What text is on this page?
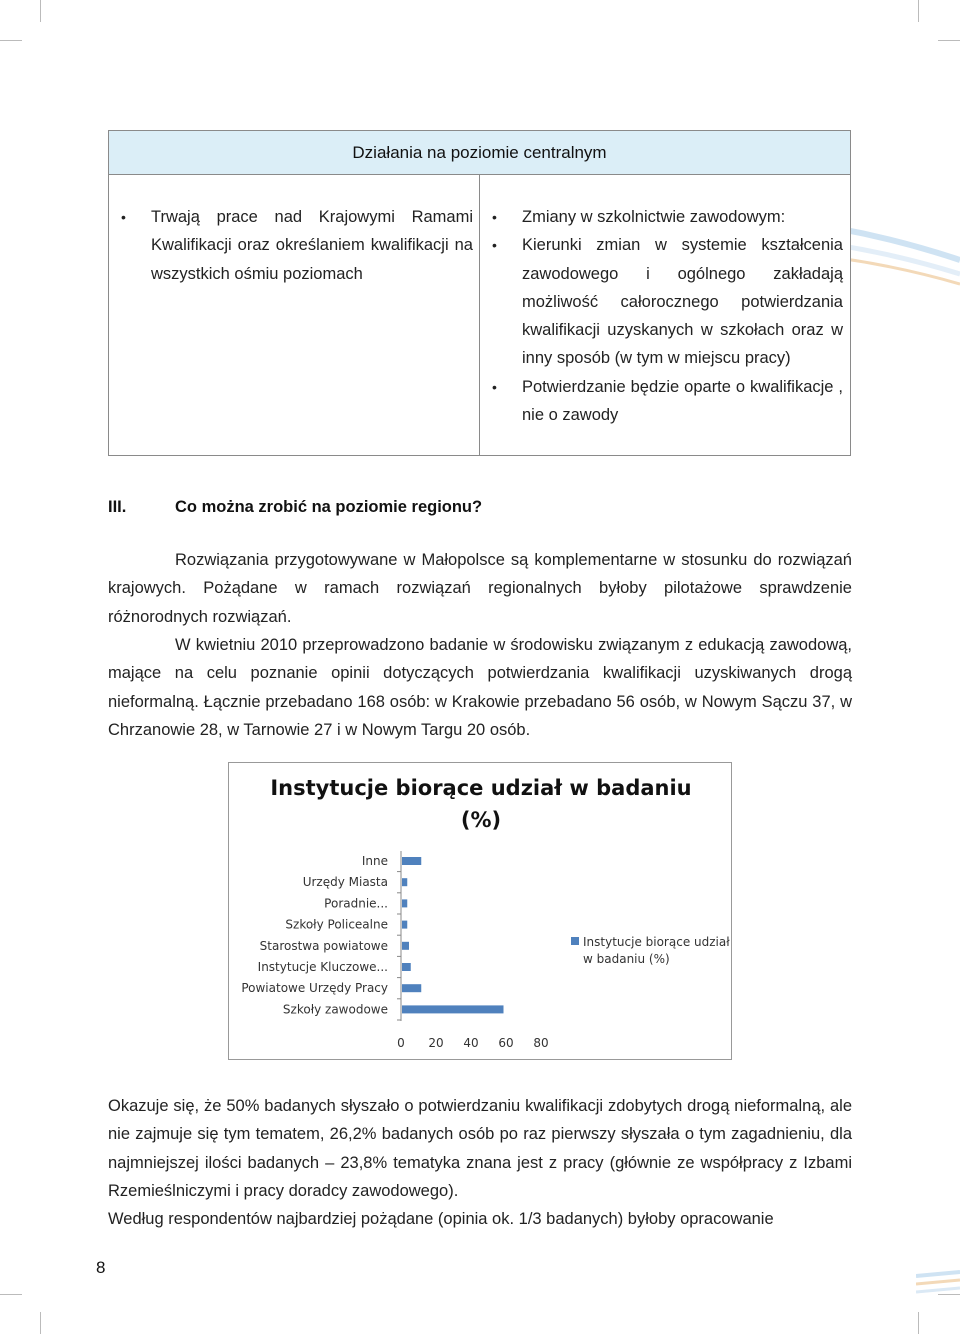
Działania na poziomie centralnym
• Trwają prace nad Krajowymi Ramami Kwalifikacji oraz określaniem kwalifikacji na wszystkich ośmiu poziomach
• Zmiany w szkolnictwie zawodowym:
• Kierunki zmian w systemie kształcenia zawodowego i ogólnego zakładają możliwość całorocznego potwierdzania kwalifikacji uzyskanych w szkołach oraz w inny sposób (w tym w miejscu pracy)
• Potwierdzanie będzie oparte o kwalifikacje , nie o zawody
III.	Co można zrobić na poziomie regionu?
Rozwiązania przygotowywane w Małopolsce są komplementarne w stosunku do rozwiązań krajowych. Pożądane w ramach rozwiązań regionalnych byłoby pilotażowe sprawdzenie różnorodnych rozwiązań.
W kwietniu 2010 przeprowadzono badanie w środowisku związanym z edukacją zawodową, mające na celu poznanie opinii dotyczących potwierdzania kwalifikacji uzyskiwanych drogą nieformalną. Łącznie przebadano 168 osób: w Krakowie przebadano 56 osób, w Nowym Sączu 37, w Chrzanowie 28, w Tarnowie 27 i w Nowym Targu 20 osób.
Instytucje biorące udział w badaniu
(%)
Inne
Urzędy Miasta
Poradnie...
Szkoły Policealne
Starostwa powiatowe
Instytucje Kluczowe...
Powiatowe Urzędy Pracy
Szkoły zawodowe
0 20 40 60 80
Instytucje biorące udział
w badaniu (%)
Okazuje się, że 50% badanych słyszało o potwierdzaniu kwalifikacji zdobytych drogą nieformalną, ale nie zajmuje się tym tematem, 26,2% badanych osób po raz pierwszy słyszała o tym zagadnieniu, dla najmniejszej ilości badanych – 23,8% tematyka znana jest z pracy (głównie ze współpracy z Izbami Rzemieślniczymi i pracy doradcy zawodowego).
Według respondentów najbardziej pożądane (opinia ok. 1/3 badanych) byłoby opracowanie
8
